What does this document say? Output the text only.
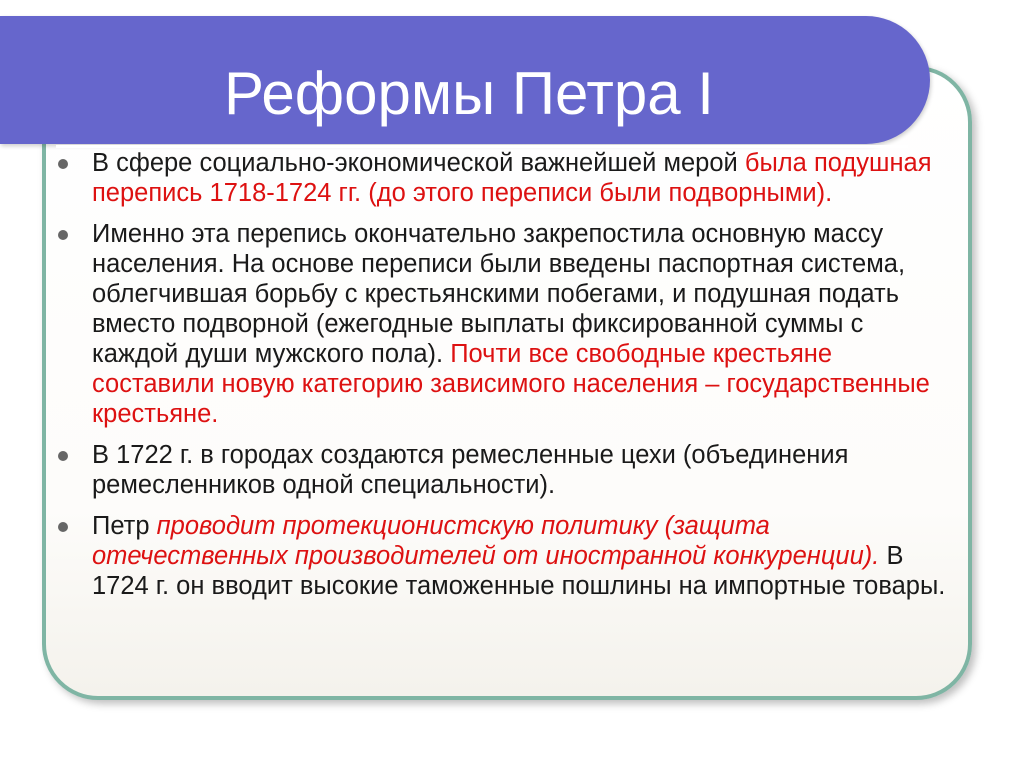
Реформы Петра I
В сфере социально-экономической важнейшей мерой была подушная перепись 1718-1724 гг. (до этого переписи были подворными).
Именно эта перепись окончательно закрепостила основную массу населения. На основе переписи были введены паспортная система, облегчившая борьбу с крестьянскими побегами, и подушная подать вместо подворной (ежегодные выплаты фиксированной суммы с каждой души мужского пола). Почти все свободные крестьяне составили новую категорию зависимого населения – государственные крестьяне.
В 1722 г. в городах создаются ремесленные цехи (объединения ремесленников одной специальности).
Петр проводит протекционистскую политику (защита отечественных производителей от иностранной конкуренции). В 1724 г. он вводит высокие таможенные пошлины на импортные товары.
